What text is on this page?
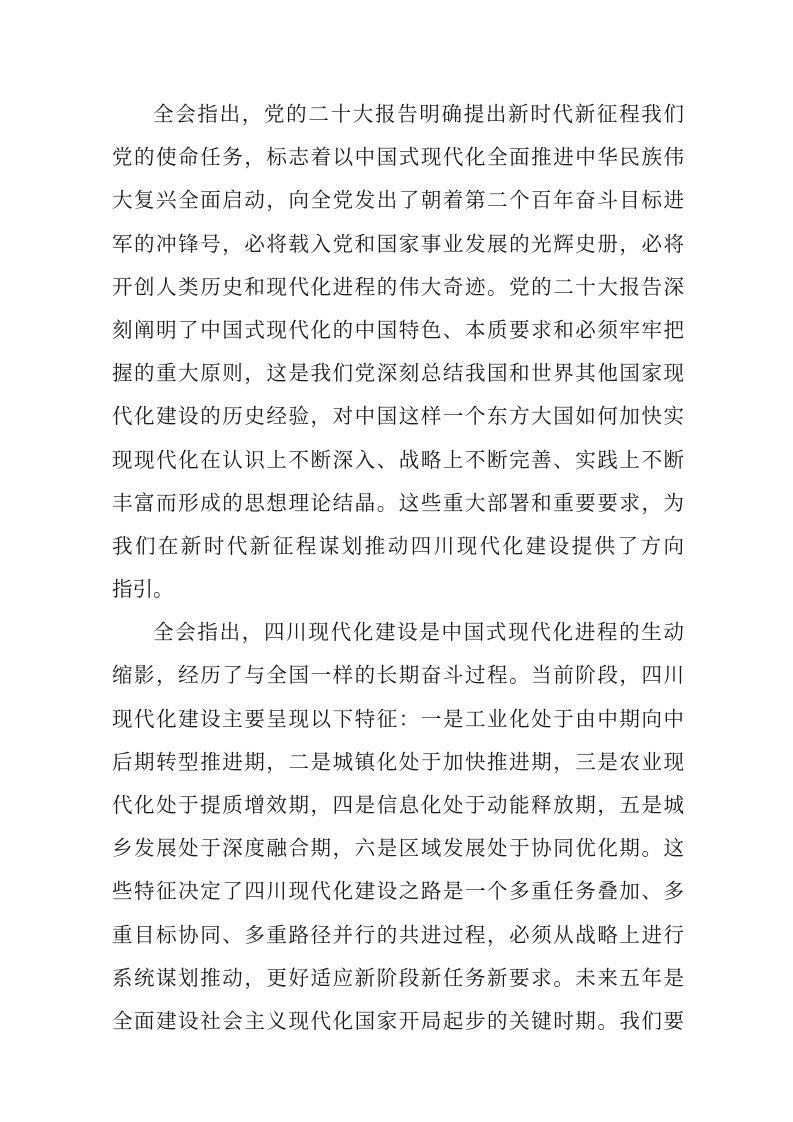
全会指出，党的二十大报告明确提出新时代新征程我们
党的使命任务，标志着以中国式现代化全面推进中华民族伟
大复兴全面启动，向全党发出了朝着第二个百年奋斗目标进
军的冲锋号，必将载入党和国家事业发展的光辉史册，必将
开创人类历史和现代化进程的伟大奇迹。党的二十大报告深
刻阐明了中国式现代化的中国特色、本质要求和必须牢牢把
握的重大原则，这是我们党深刻总结我国和世界其他国家现
代化建设的历史经验，对中国这样一个东方大国如何加快实
现现代化在认识上不断深入、战略上不断完善、实践上不断
丰富而形成的思想理论结晶。这些重大部署和重要要求，为
我们在新时代新征程谋划推动四川现代化建设提供了方向
指引。
全会指出，四川现代化建设是中国式现代化进程的生动
缩影，经历了与全国一样的长期奋斗过程。当前阶段，四川
现代化建设主要呈现以下特征：一是工业化处于由中期向中
后期转型推进期，二是城镇化处于加快推进期，三是农业现
代化处于提质增效期，四是信息化处于动能释放期，五是城
乡发展处于深度融合期，六是区域发展处于协同优化期。这
些特征决定了四川现代化建设之路是一个多重任务叠加、多
重目标协同、多重路径并行的共进过程，必须从战略上进行
系统谋划推动，更好适应新阶段新任务新要求。未来五年是
全面建设社会主义现代化国家开局起步的关键时期。我们要
